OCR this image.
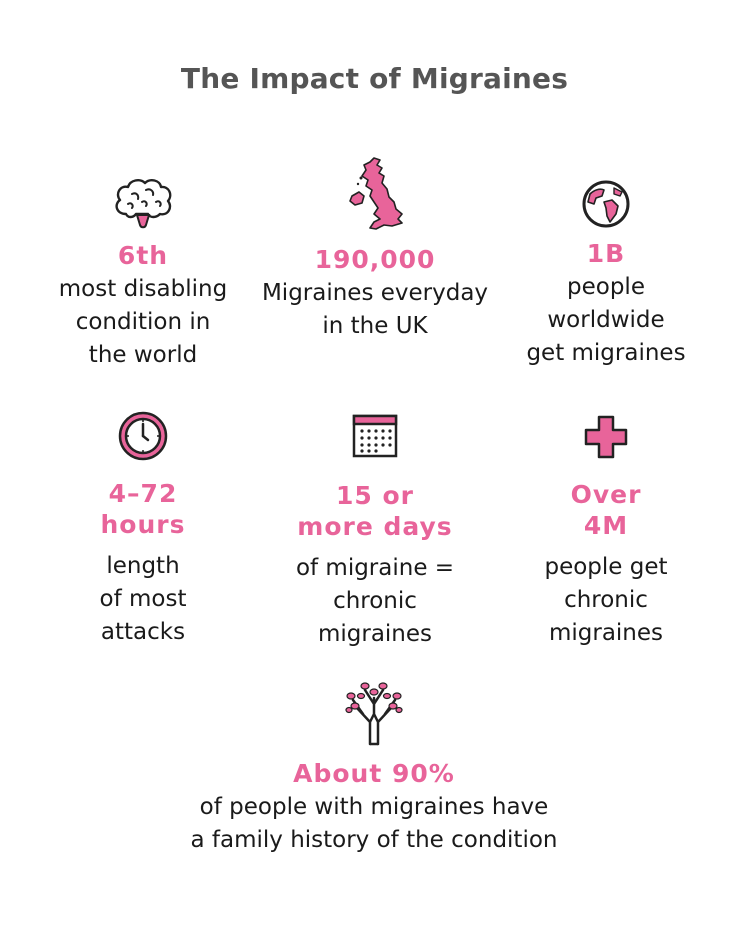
The Impact of Migraines
6th
most disabling
condition in
the world
190,000
Migraines everyday
in the UK
1B
people
worldwide
get migraines
4–72
hours
length
of most
attacks
15 or
more days
of migraine =
chronic
migraines
Over
4M
people get
chronic
migraines
About 90%
of people with migraines have
a family history of the condition
